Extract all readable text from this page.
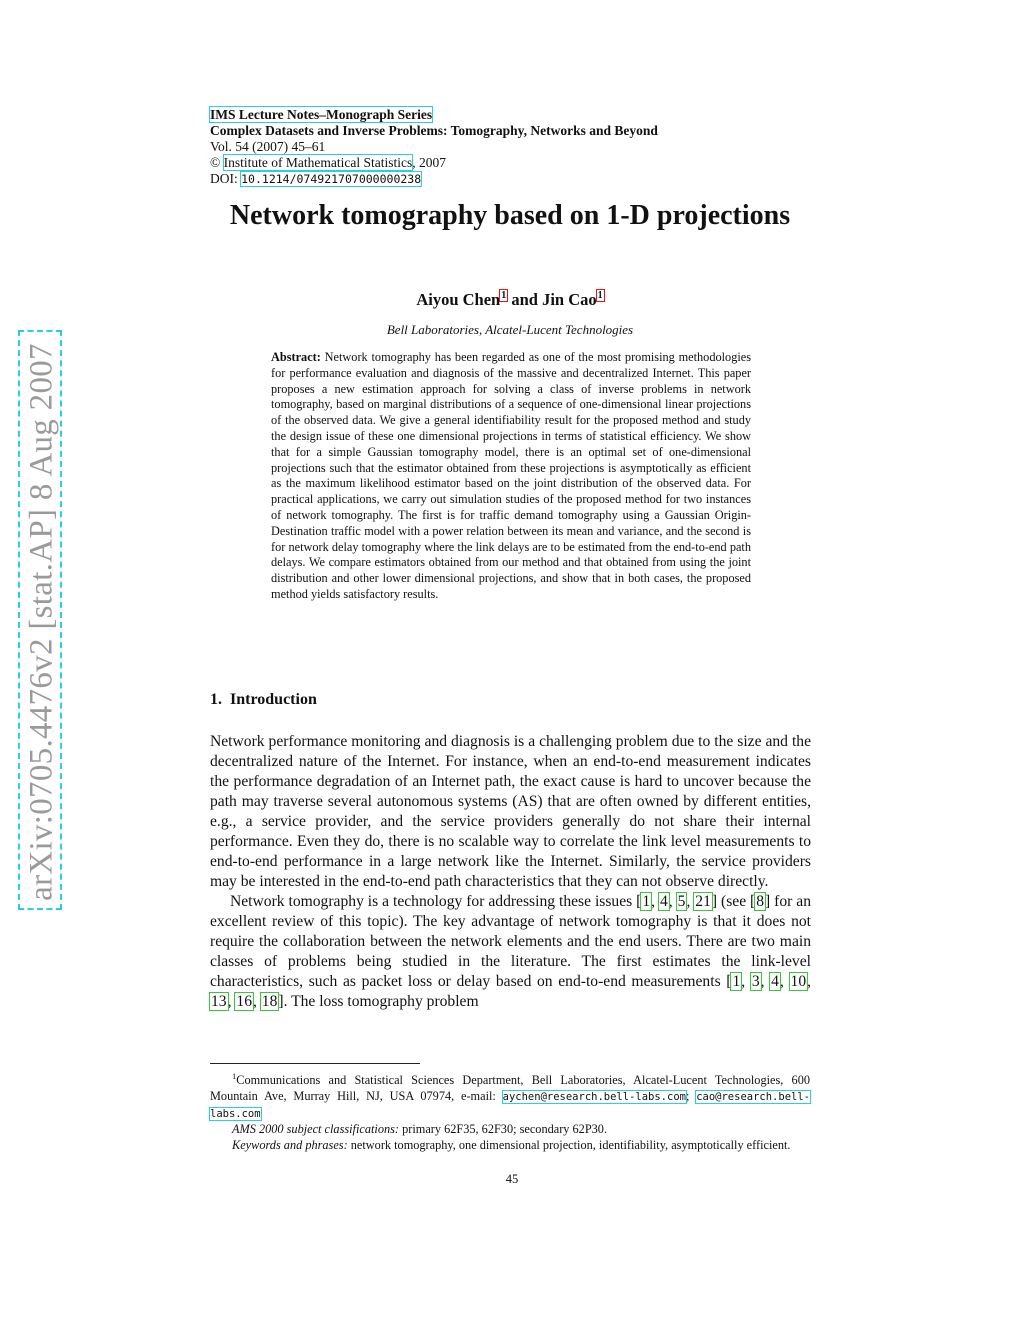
arXiv:0705.4476v2 [stat.AP] 8 Aug 2007
IMS Lecture Notes–Monograph Series
Complex Datasets and Inverse Problems: Tomography, Networks and Beyond
Vol. 54 (2007) 45–61
© Institute of Mathematical Statistics, 2007
DOI: 10.1214/074921707000000238
Network tomography based on 1-D projections
Aiyou Chen$^1$ and Jin Cao$^1$
Bell Laboratories, Alcatel-Lucent Technologies
Abstract: Network tomography has been regarded as one of the most promising methodologies for performance evaluation and diagnosis of the massive and decentralized Internet. This paper proposes a new estimation approach for solving a class of inverse problems in network tomography, based on marginal distributions of a sequence of one-dimensional linear projections of the observed data. We give a general identifiability result for the proposed method and study the design issue of these one dimensional projections in terms of statistical efficiency. We show that for a simple Gaussian tomography model, there is an optimal set of one-dimensional projections such that the estimator obtained from these projections is asymptotically as efficient as the maximum likelihood estimator based on the joint distribution of the observed data. For practical applications, we carry out simulation studies of the proposed method for two instances of network tomography. The first is for traffic demand tomography using a Gaussian Origin-Destination traffic model with a power relation between its mean and variance, and the second is for network delay tomography where the link delays are to be estimated from the end-to-end path delays. We compare estimators obtained from our method and that obtained from using the joint distribution and other lower dimensional projections, and show that in both cases, the proposed method yields satisfactory results.
1. Introduction

Network performance monitoring and diagnosis is a challenging problem due to the size and the decentralized nature of the Internet. For instance, when an end-to-end measurement indicates the performance degradation of an Internet path, the exact cause is hard to uncover because the path may traverse several autonomous systems (AS) that are often owned by different entities, e.g., a service provider, and the service providers generally do not share their internal performance. Even they do, there is no scalable way to correlate the link level measurements to end-to-end performance in a large network like the Internet. Similarly, the service providers may be interested in the end-to-end path characteristics that they can not observe directly.

Network tomography is a technology for addressing these issues [1, 4, 5, 21] (see [8] for an excellent review of this topic). The key advantage of network tomography is that it does not require the collaboration between the network elements and the end users. There are two main classes of problems being studied in the literature. The first estimates the link-level characteristics, such as packet loss or delay based on end-to-end measurements [1, 3, 4, 10, 13, 16, 18]. The loss tomography problem

$^1$Communications and Statistical Sciences Department, Bell Laboratories, Alcatel-Lucent Technologies, 600 Mountain Ave, Murray Hill, NJ, USA 07974, e-mail: aychen@research.bell-labs.com; cao@research.bell-labs.com

AMS 2000 subject classifications: primary 62F35, 62F30; secondary 62P30.

Keywords and phrases: network tomography, one dimensional projection, identifiability, asymptotically efficient.

45
